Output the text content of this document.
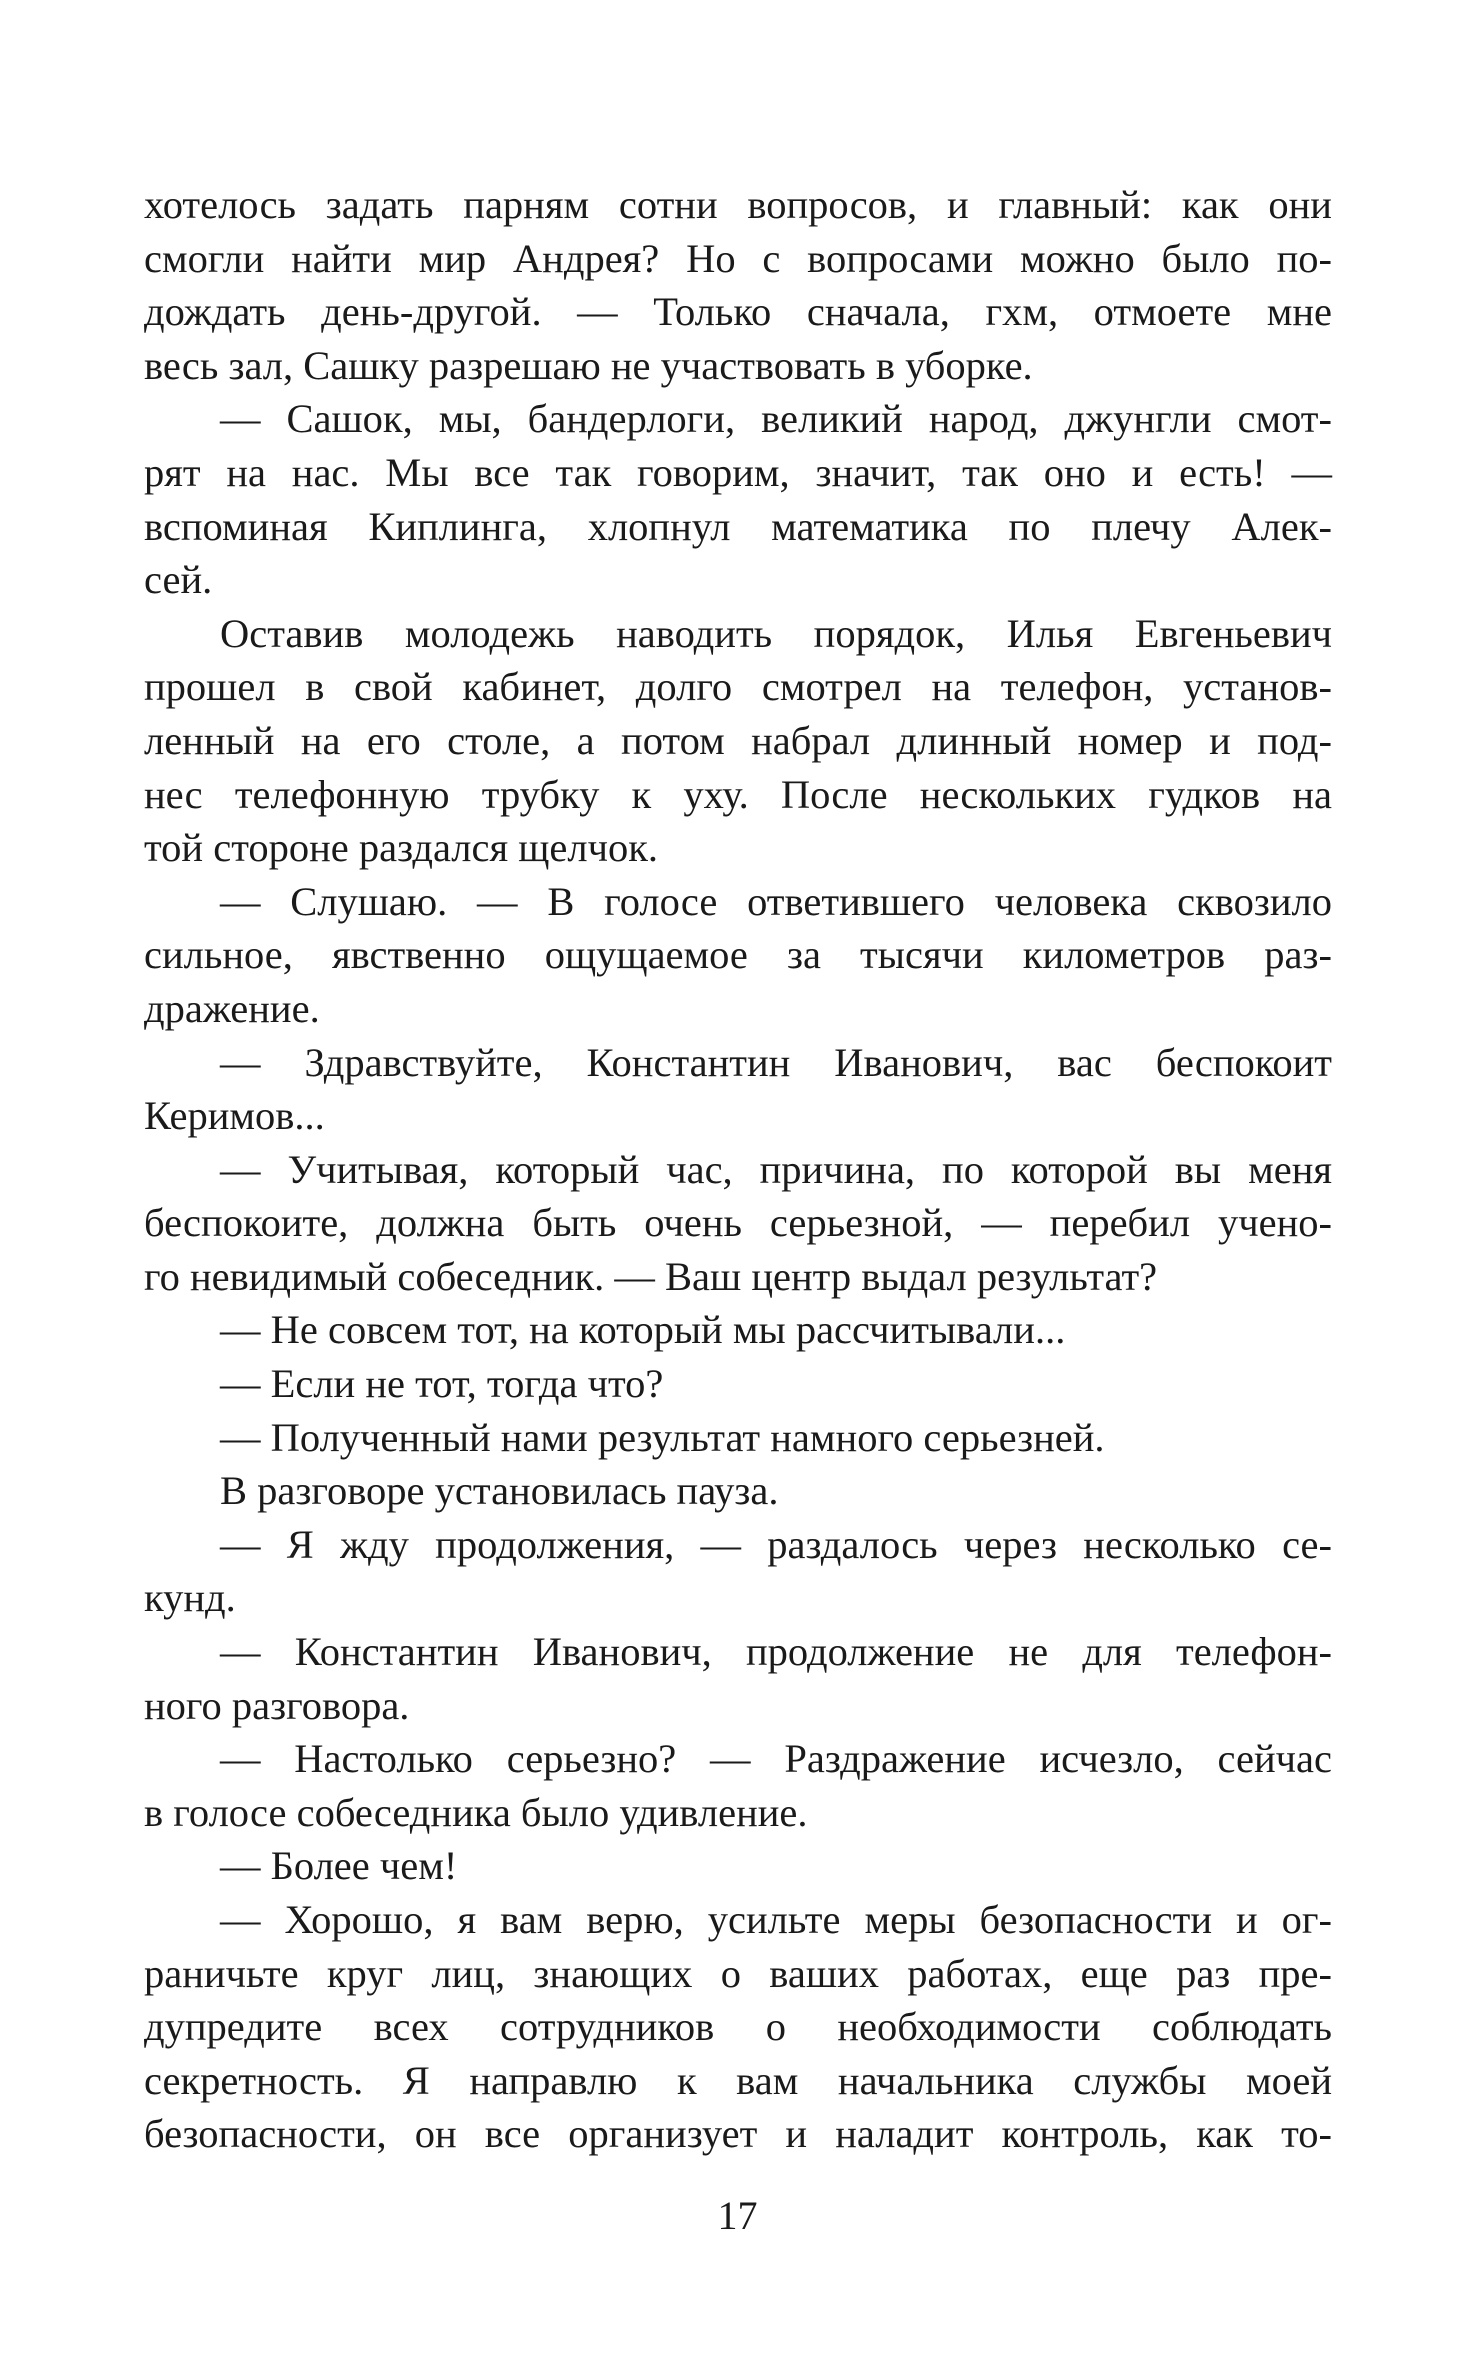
хотелось задать парням сотни вопросов, и главный: как они
смогли найти мир Андрея? Но с вопросами можно было по-
дождать день-другой. — Только сначала, гхм, отмоете мне
весь зал, Сашку разрешаю не участвовать в уборке.
— Сашок, мы, бандерлоги, великий народ, джунгли смот-
рят на нас. Мы все так говорим, значит, так оно и есть! —
вспоминая Киплинга, хлопнул математика по плечу Алек-
сей.
Оставив молодежь наводить порядок, Илья Евгеньевич
прошел в свой кабинет, долго смотрел на телефон, установ-
ленный на его столе, а потом набрал длинный номер и под-
нес телефонную трубку к уху. После нескольких гудков на
той стороне раздался щелчок.
— Слушаю. — В голосе ответившего человека сквозило
сильное, явственно ощущаемое за тысячи километров раз-
дражение.
— Здравствуйте, Константин Иванович, вас беспокоит
Керимов...
— Учитывая, который час, причина, по которой вы меня
беспокоите, должна быть очень серьезной, — перебил учено-
го невидимый собеседник. — Ваш центр выдал результат?
— Не совсем тот, на который мы рассчитывали...
— Если не тот, тогда что?
— Полученный нами результат намного серьезней.
В разговоре установилась пауза.
— Я жду продолжения, — раздалось через несколько се-
кунд.
— Константин Иванович, продолжение не для телефон-
ного разговора.
— Настолько серьезно? — Раздражение исчезло, сейчас
в голосе собеседника было удивление.
— Более чем!
— Хорошо, я вам верю, усильте меры безопасности и ог-
раничьте круг лиц, знающих о ваших работах, еще раз пре-
дупредите всех сотрудников о необходимости соблюдать
секретность. Я направлю к вам начальника службы моей
безопасности, он все организует и наладит контроль, как то-
17
